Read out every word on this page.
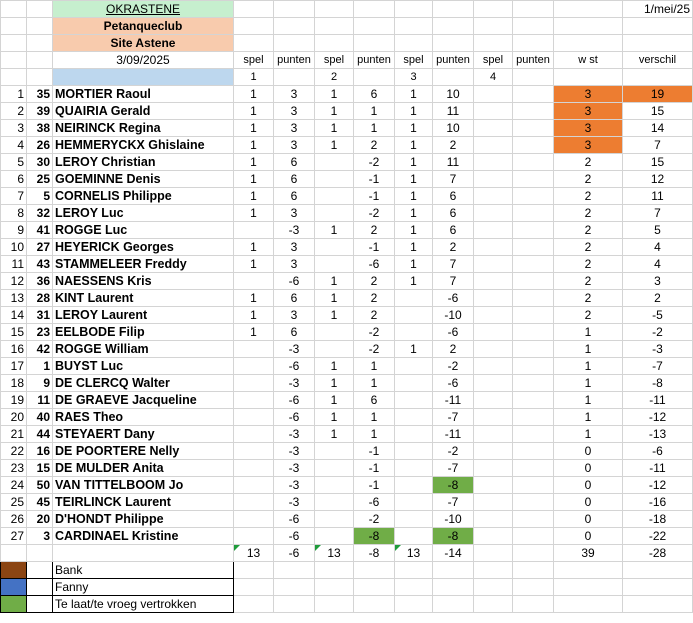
		OKRASTENE										1/mei/25
		Petanqueclub										
		Site Astene										
		3/09/2025	spel	punten	spel	punten	spel	punten	spel	punten	w st	verschil
			1		2		3		4			
1	35	MORTIER Raoul	1	3	1	6	1	10			3	19
2	39	QUAIRIA Gerald	1	3	1	1	1	11			3	15
3	38	NEIRINCK Regina	1	3	1	1	1	10			3	14
4	26	HEMMERYCKX Ghislaine	1	3	1	2	1	2			3	7
5	30	LEROY Christian	1	6		-2	1	11			2	15
6	25	GOEMINNE Denis	1	6		-1	1	7			2	12
7	5	CORNELIS Philippe	1	6		-1	1	6			2	11
8	32	LEROY Luc	1	3		-2	1	6			2	7
9	41	ROGGE Luc		-3	1	2	1	6			2	5
10	27	HEYERICK Georges	1	3		-1	1	2			2	4
11	43	STAMMELEER Freddy	1	3		-6	1	7			2	4
12	36	NAESSENS Kris		-6	1	2	1	7			2	3
13	28	KINT Laurent	1	6	1	2		-6			2	2
14	31	LEROY Laurent	1	3	1	2		-10			2	-5
15	23	EELBODE Filip	1	6		-2		-6			1	-2
16	42	ROGGE William		-3		-2	1	2			1	-3
17	1	BUYST Luc		-6	1	1		-2			1	-7
18	9	DE CLERCQ Walter		-3	1	1		-6			1	-8
19	11	DE GRAEVE Jacqueline		-6	1	6		-11			1	-11
20	40	RAES Theo		-6	1	1		-7			1	-12
21	44	STEYAERT Dany		-3	1	1		-11			1	-13
22	16	DE POORTERE Nelly		-3		-1		-2			0	-6
23	15	DE MULDER Anita		-3		-1		-7			0	-11
24	50	VAN TITTELBOOM Jo		-3		-1		-8			0	-12
25	45	TEIRLINCK Laurent		-3		-6		-7			0	-16
26	20	D'HONDT Philippe		-6		-2		-10			0	-18
27	3	CARDINAEL Kristine		-6		-8		-8			0	-22
			13	-6	13	-8	13	-14			39	-28
		Bank										
		Fanny										
		Te laat/te vroeg vertrokken										
